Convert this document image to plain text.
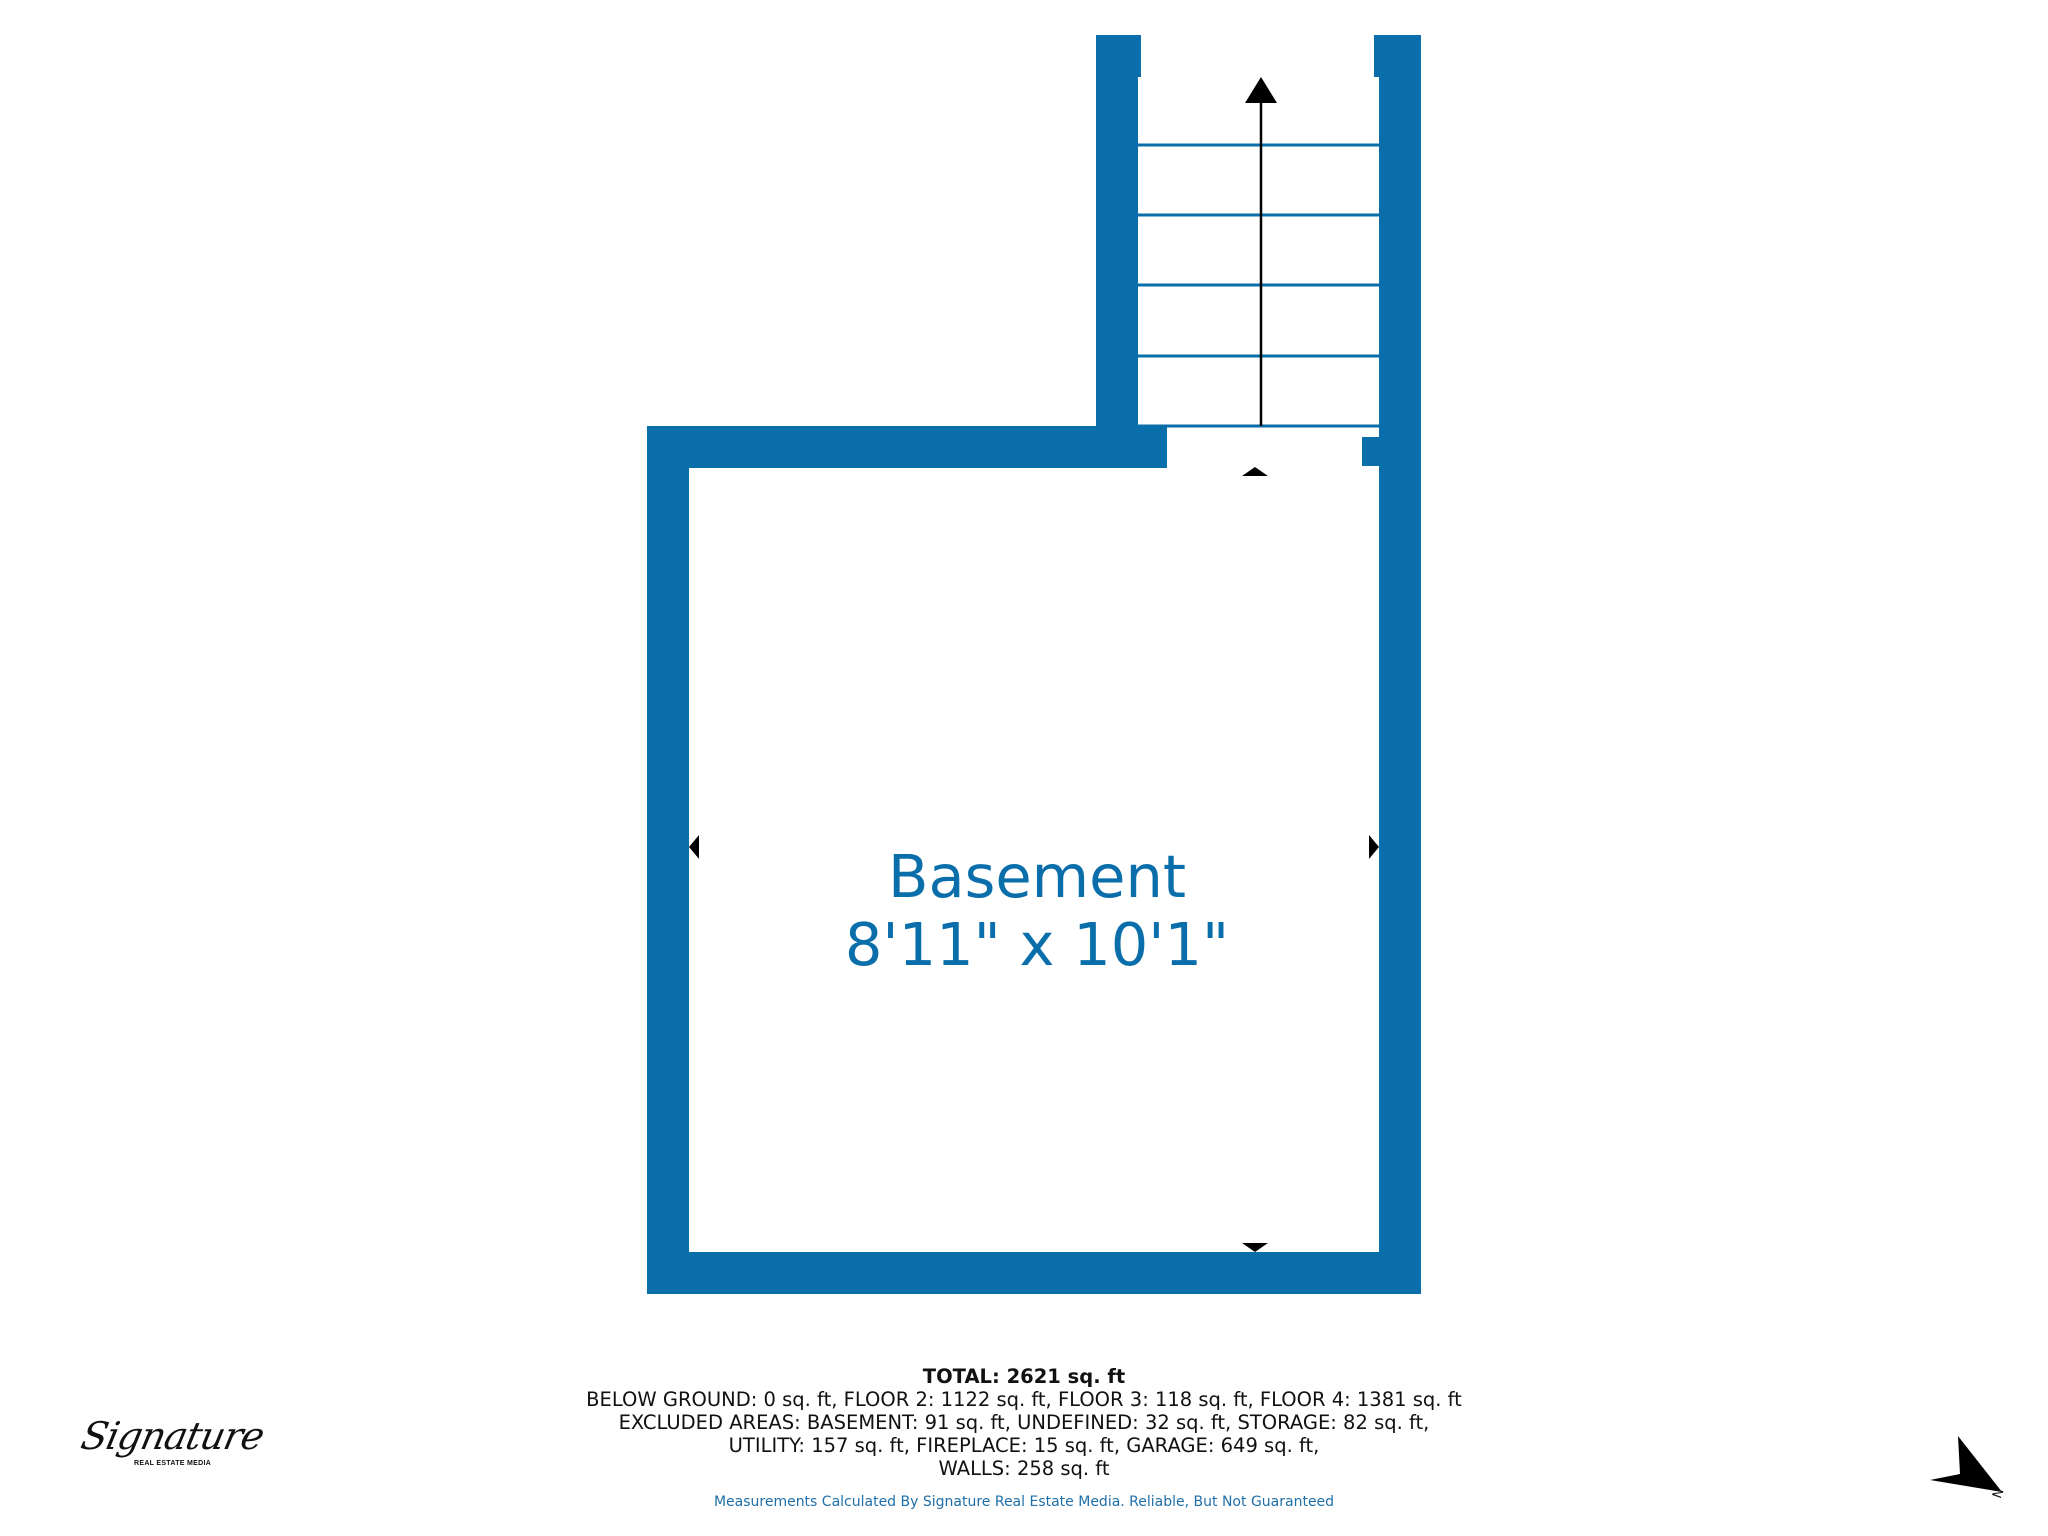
Basement
8'11" x 10'1"

TOTAL: 2621 sq. ft

BELOW GROUND: 0 sq. ft, FLOOR 2: 1122 sq. ft, FLOOR 3: 118 sq. ft, FLOOR 4: 1381 sq. ft

EXCLUDED AREAS: BASEMENT: 91 sq. ft, UNDEFINED: 32 sq. ft, STORAGE: 82 sq. ft,

UTILITY: 157 sq. ft, FIREPLACE: 15 sq. ft, GARAGE: 649 sq. ft,

WALLS: 258 sq. ft

Measurements Calculated By Signature Real Estate Media. Reliable, But Not Guaranteed
Signature
REAL ESTATE MEDIA
N
